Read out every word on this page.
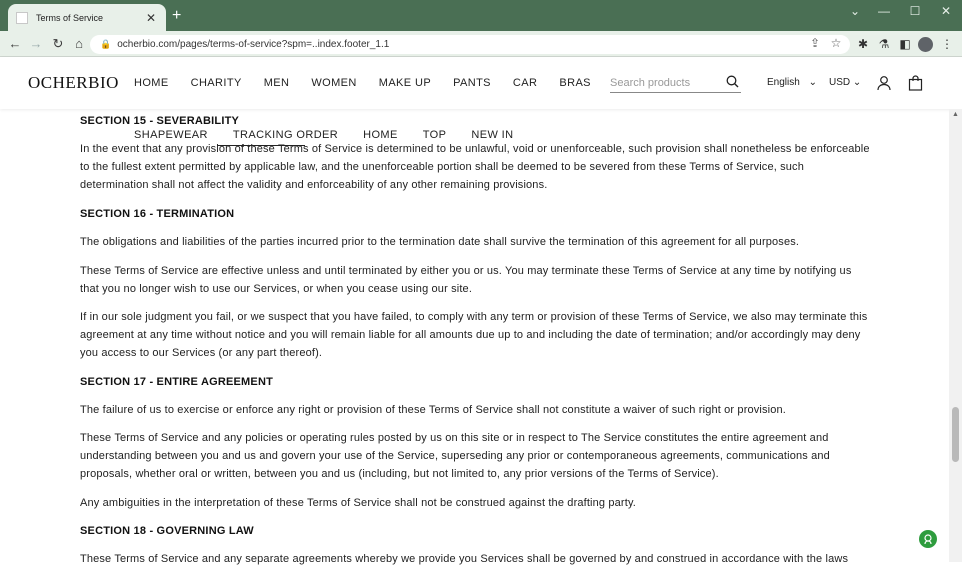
Terms of Service	✕ +	⌄	—	☐	✕
← → ↻ ⌂	🔒 ocherbio.com/pages/terms-of-service?spm=..index.footer_1.1	⇪ ☆ ✱ ⚗ ◧	⋮
OCHERBIO HOME CHARITY MEN WOMEN MAKE UP PANTS CAR BRAS
Search products	English ⌄ USD ⌄
SECTION 15 - SEVERABILITY
SHAPEWEAR TRACKING ORDER HOME TOP NEW IN
In the event that any provision of these Terms of Service is determined to be unlawful, void or unenforceable, such provision shall nonetheless be enforceable to the fullest extent permitted by applicable law, and the unenforceable portion shall be deemed to be severed from these Terms of Service, such determination shall not affect the validity and enforceability of any other remaining provisions.
SECTION 16 - TERMINATION
The obligations and liabilities of the parties incurred prior to the termination date shall survive the termination of this agreement for all purposes.
These Terms of Service are effective unless and until terminated by either you or us. You may terminate these Terms of Service at any time by notifying us that you no longer wish to use our Services, or when you cease using our site.
If in our sole judgment you fail, or we suspect that you have failed, to comply with any term or provision of these Terms of Service, we also may terminate this agreement at any time without notice and you will remain liable for all amounts due up to and including the date of termination; and/or accordingly may deny you access to our Services (or any part thereof).
SECTION 17 - ENTIRE AGREEMENT
The failure of us to exercise or enforce any right or provision of these Terms of Service shall not constitute a waiver of such right or provision.
These Terms of Service and any policies or operating rules posted by us on this site or in respect to The Service constitutes the entire agreement and understanding between you and us and govern your use of the Service, superseding any prior or contemporaneous agreements, communications and proposals, whether oral or written, between you and us (including, but not limited to, any prior versions of the Terms of Service).
Any ambiguities in the interpretation of these Terms of Service shall not be construed against the drafting party.
SECTION 18 - GOVERNING LAW
These Terms of Service and any separate agreements whereby we provide you Services shall be governed by and construed in accordance with the laws
▲
